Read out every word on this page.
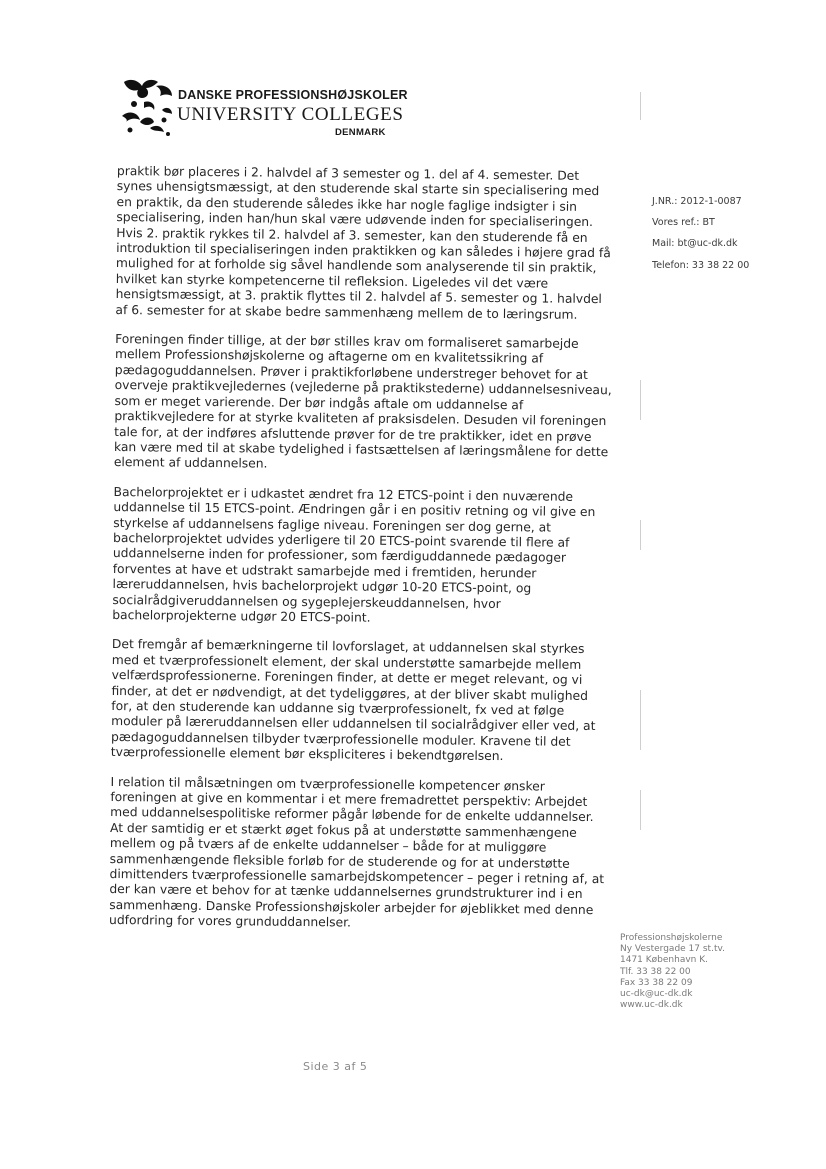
DANSKE PROFESSIONSHØJSKOLER
UNIVERSITY COLLEGES
DENMARK
J.NR.: 2012-1-0087
Vores ref.: BT
Mail: bt@uc-dk.dk
Telefon: 33 38 22 00

praktik bør placeres i 2. halvdel af 3 semester og 1. del af 4. semester. Det synes uhensigtsmæssigt, at den studerende skal starte sin specialisering med en praktik, da den studerende således ikke har nogle faglige indsigter i sin specialisering, inden han/hun skal være udøvende inden for specialiseringen. Hvis 2. praktik rykkes til 2. halvdel af 3. semester, kan den studerende få en introduktion til specialiseringen inden praktikken og kan således i højere grad få mulighed for at forholde sig såvel handlende som analyserende til sin praktik, hvilket kan styrke kompetencerne til refleksion. Ligeledes vil det være hensigtsmæssigt, at 3. praktik flyttes til 2. halvdel af 5. semester og 1. halvdel af 6. semester for at skabe bedre sammenhæng mellem de to læringsrum.

Foreningen finder tillige, at der bør stilles krav om formaliseret samarbejde mellem Professionshøjskolerne og aftagerne om en kvalitetssikring af pædagoguddannelsen. Prøver i praktikforløbene understreger behovet for at overveje praktikvejledernes (vejlederne på praktikstederne) uddannelsesniveau, som er meget varierende. Der bør indgås aftale om uddannelse af praktikvejledere for at styrke kvaliteten af praksisdelen. Desuden vil foreningen tale for, at der indføres afsluttende prøver for de tre praktikker, idet en prøve kan være med til at skabe tydelighed i fastsættelsen af læringsmålene for dette element af uddannelsen.

Bachelorprojektet er i udkastet ændret fra 12 ETCS-point i den nuværende uddannelse til 15 ETCS-point. Ændringen går i en positiv retning og vil give en styrkelse af uddannelsens faglige niveau. Foreningen ser dog gerne, at bachelorprojektet udvides yderligere til 20 ETCS-point svarende til flere af uddannelserne inden for professioner, som færdiguddannede pædagoger forventes at have et udstrakt samarbejde med i fremtiden, herunder læreruddannelsen, hvis bachelorprojekt udgør 10-20 ETCS-point, og socialrådgiveruddannelsen og sygeplejerskeuddannelsen, hvor bachelorprojekterne udgør 20 ETCS-point.

Det fremgår af bemærkningerne til lovforslaget, at uddannelsen skal styrkes med et tværprofessionelt element, der skal understøtte samarbejde mellem velfærdsprofessionerne. Foreningen finder, at dette er meget relevant, og vi finder, at det er nødvendigt, at det tydeliggøres, at der bliver skabt mulighed for, at den studerende kan uddanne sig tværprofessionelt, fx ved at følge moduler på læreruddannelsen eller uddannelsen til socialrådgiver eller ved, at pædagoguddannelsen tilbyder tværprofessionelle moduler. Kravene til det tværprofessionelle element bør ekspliciteres i bekendtgørelsen.

I relation til målsætningen om tværprofessionelle kompetencer ønsker foreningen at give en kommentar i et mere fremadrettet perspektiv: Arbejdet med uddannelsespolitiske reformer pågår løbende for de enkelte uddannelser. At der samtidig er et stærkt øget fokus på at understøtte sammenhængene mellem og på tværs af de enkelte uddannelser – både for at muliggøre sammenhængende fleksible forløb for de studerende og for at understøtte dimittenders tværprofessionelle samarbejdskompetencer – peger i retning af, at der kan være et behov for at tænke uddannelsernes grundstrukturer ind i en sammenhæng. Danske Professionshøjskoler arbejder for øjeblikket med denne udfordring for vores grunduddannelser.

Professionshøjskolerne
Ny Vestergade 17 st.tv.
1471 København K.
Tlf. 33 38 22 00
Fax 33 38 22 09
uc-dk@uc-dk.dk
www.uc-dk.dk
Side 3 af 5
